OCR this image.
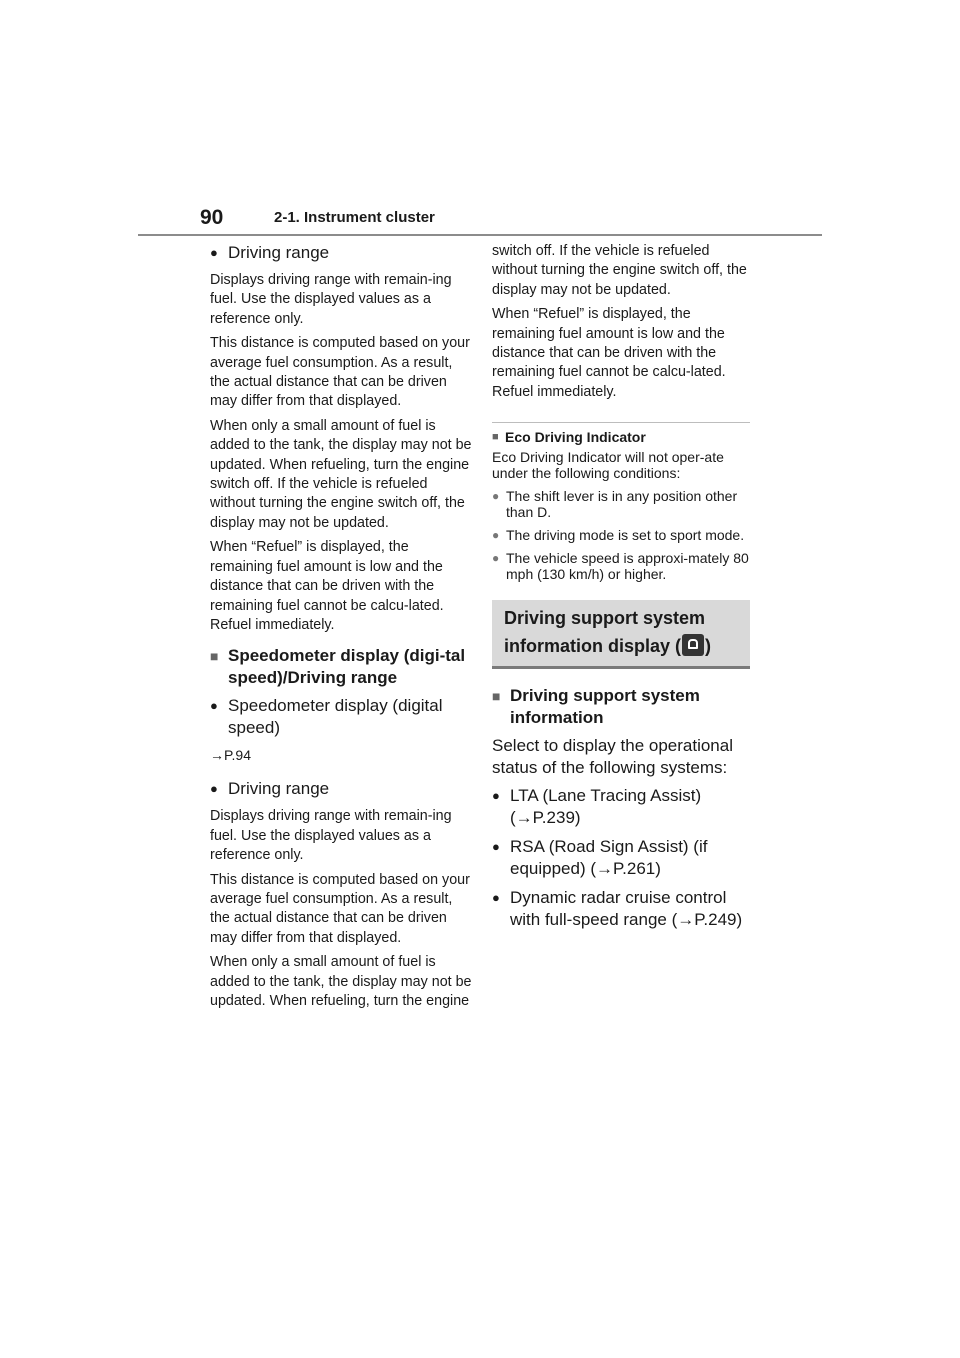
90	2-1. Instrument cluster
● Driving range

Displays driving range with remain-ing fuel. Use the displayed values as a reference only.

This distance is computed based on your average fuel consumption. As a result, the actual distance that can be driven may differ from that displayed.

When only a small amount of fuel is added to the tank, the display may not be updated. When refueling, turn the engine switch off. If the vehicle is refueled without turning the engine switch off, the display may not be updated.

When “Refuel” is displayed, the remaining fuel amount is low and the distance that can be driven with the remaining fuel cannot be calcu-lated. Refuel immediately.

■ Speedometer display (digi-tal speed)/Driving range
● Speedometer display (digital speed)
→P.94
● Driving range

Displays driving range with remain-ing fuel. Use the displayed values as a reference only.

This distance is computed based on your average fuel consumption. As a result, the actual distance that can be driven may differ from that displayed.

When only a small amount of fuel is added to the tank, the display may not be updated. When refueling, turn the engine

switch off. If the vehicle is refueled without turning the engine switch off, the display may not be updated.

When “Refuel” is displayed, the remaining fuel amount is low and the distance that can be driven with the remaining fuel cannot be calcu-lated. Refuel immediately.

■ Eco Driving Indicator

Eco Driving Indicator will not oper-ate under the following conditions:

● The shift lever is in any position other than D.
● The driving mode is set to sport mode.
● The vehicle speed is approxi-mately 80 mph (130 km/h) or higher.
Driving support system
information display ( )
■ Driving support system information

Select to display the operational status of the following systems:

● LTA (Lane Tracing Assist) (→P.239)
● RSA (Road Sign Assist) (if equipped) (→P.261)
● Dynamic radar cruise control with full-speed range (→P.249)
